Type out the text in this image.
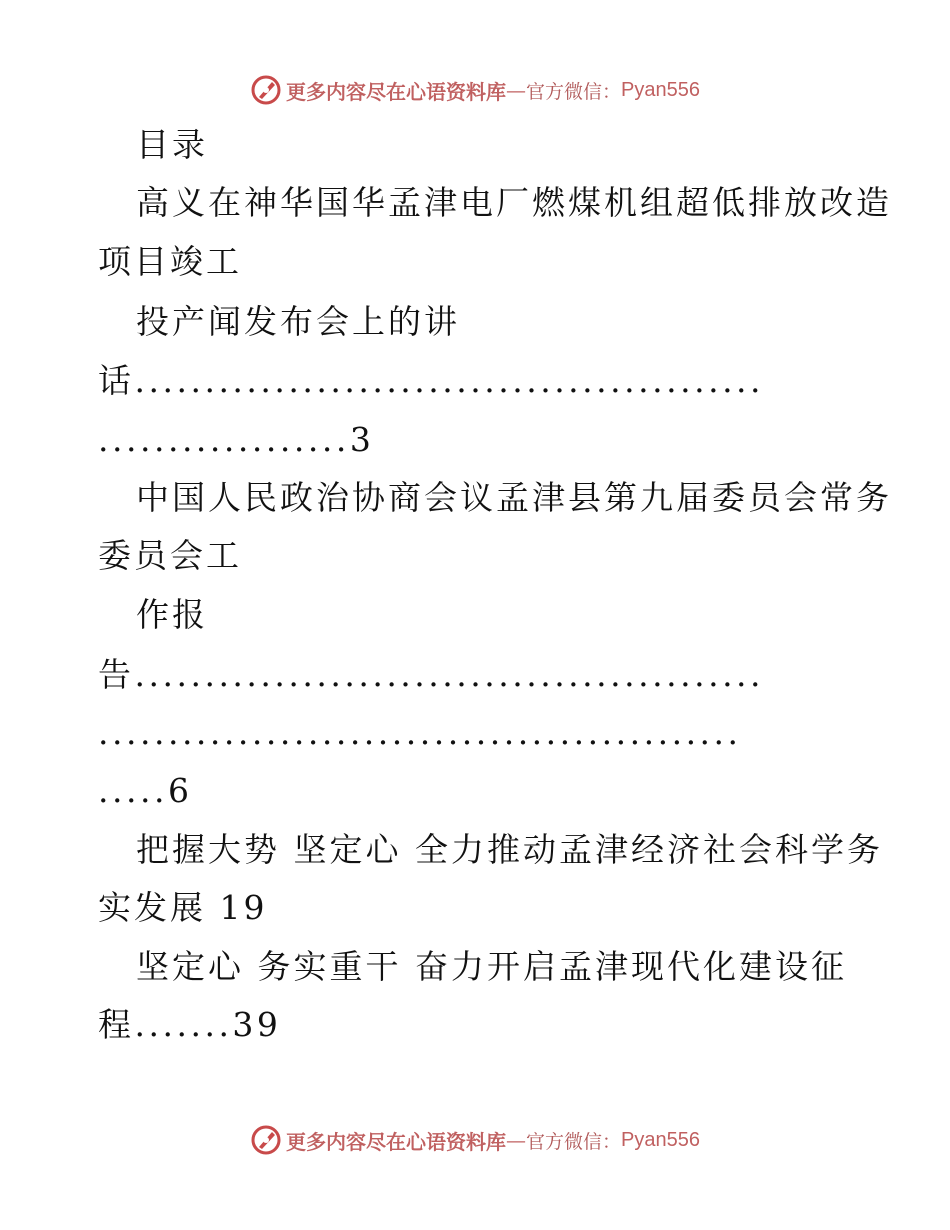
更多内容尽在心语资料库 — 官方微信： Pyan556
目录
高义在神华国华孟津电厂燃煤机组超低排放改造
项目竣工
投产闻发布会上的讲
话.............................................
..................3
中国人民政治协商会议孟津县第九届委员会常务
委员会工
作报
告.............................................
..............................................
.....6
把握大势 坚定心 全力推动孟津经济社会科学务
实发展 19
坚定心 务实重干 奋力开启孟津现代化建设征
程.......39
更多内容尽在心语资料库 — 官方微信： Pyan556
